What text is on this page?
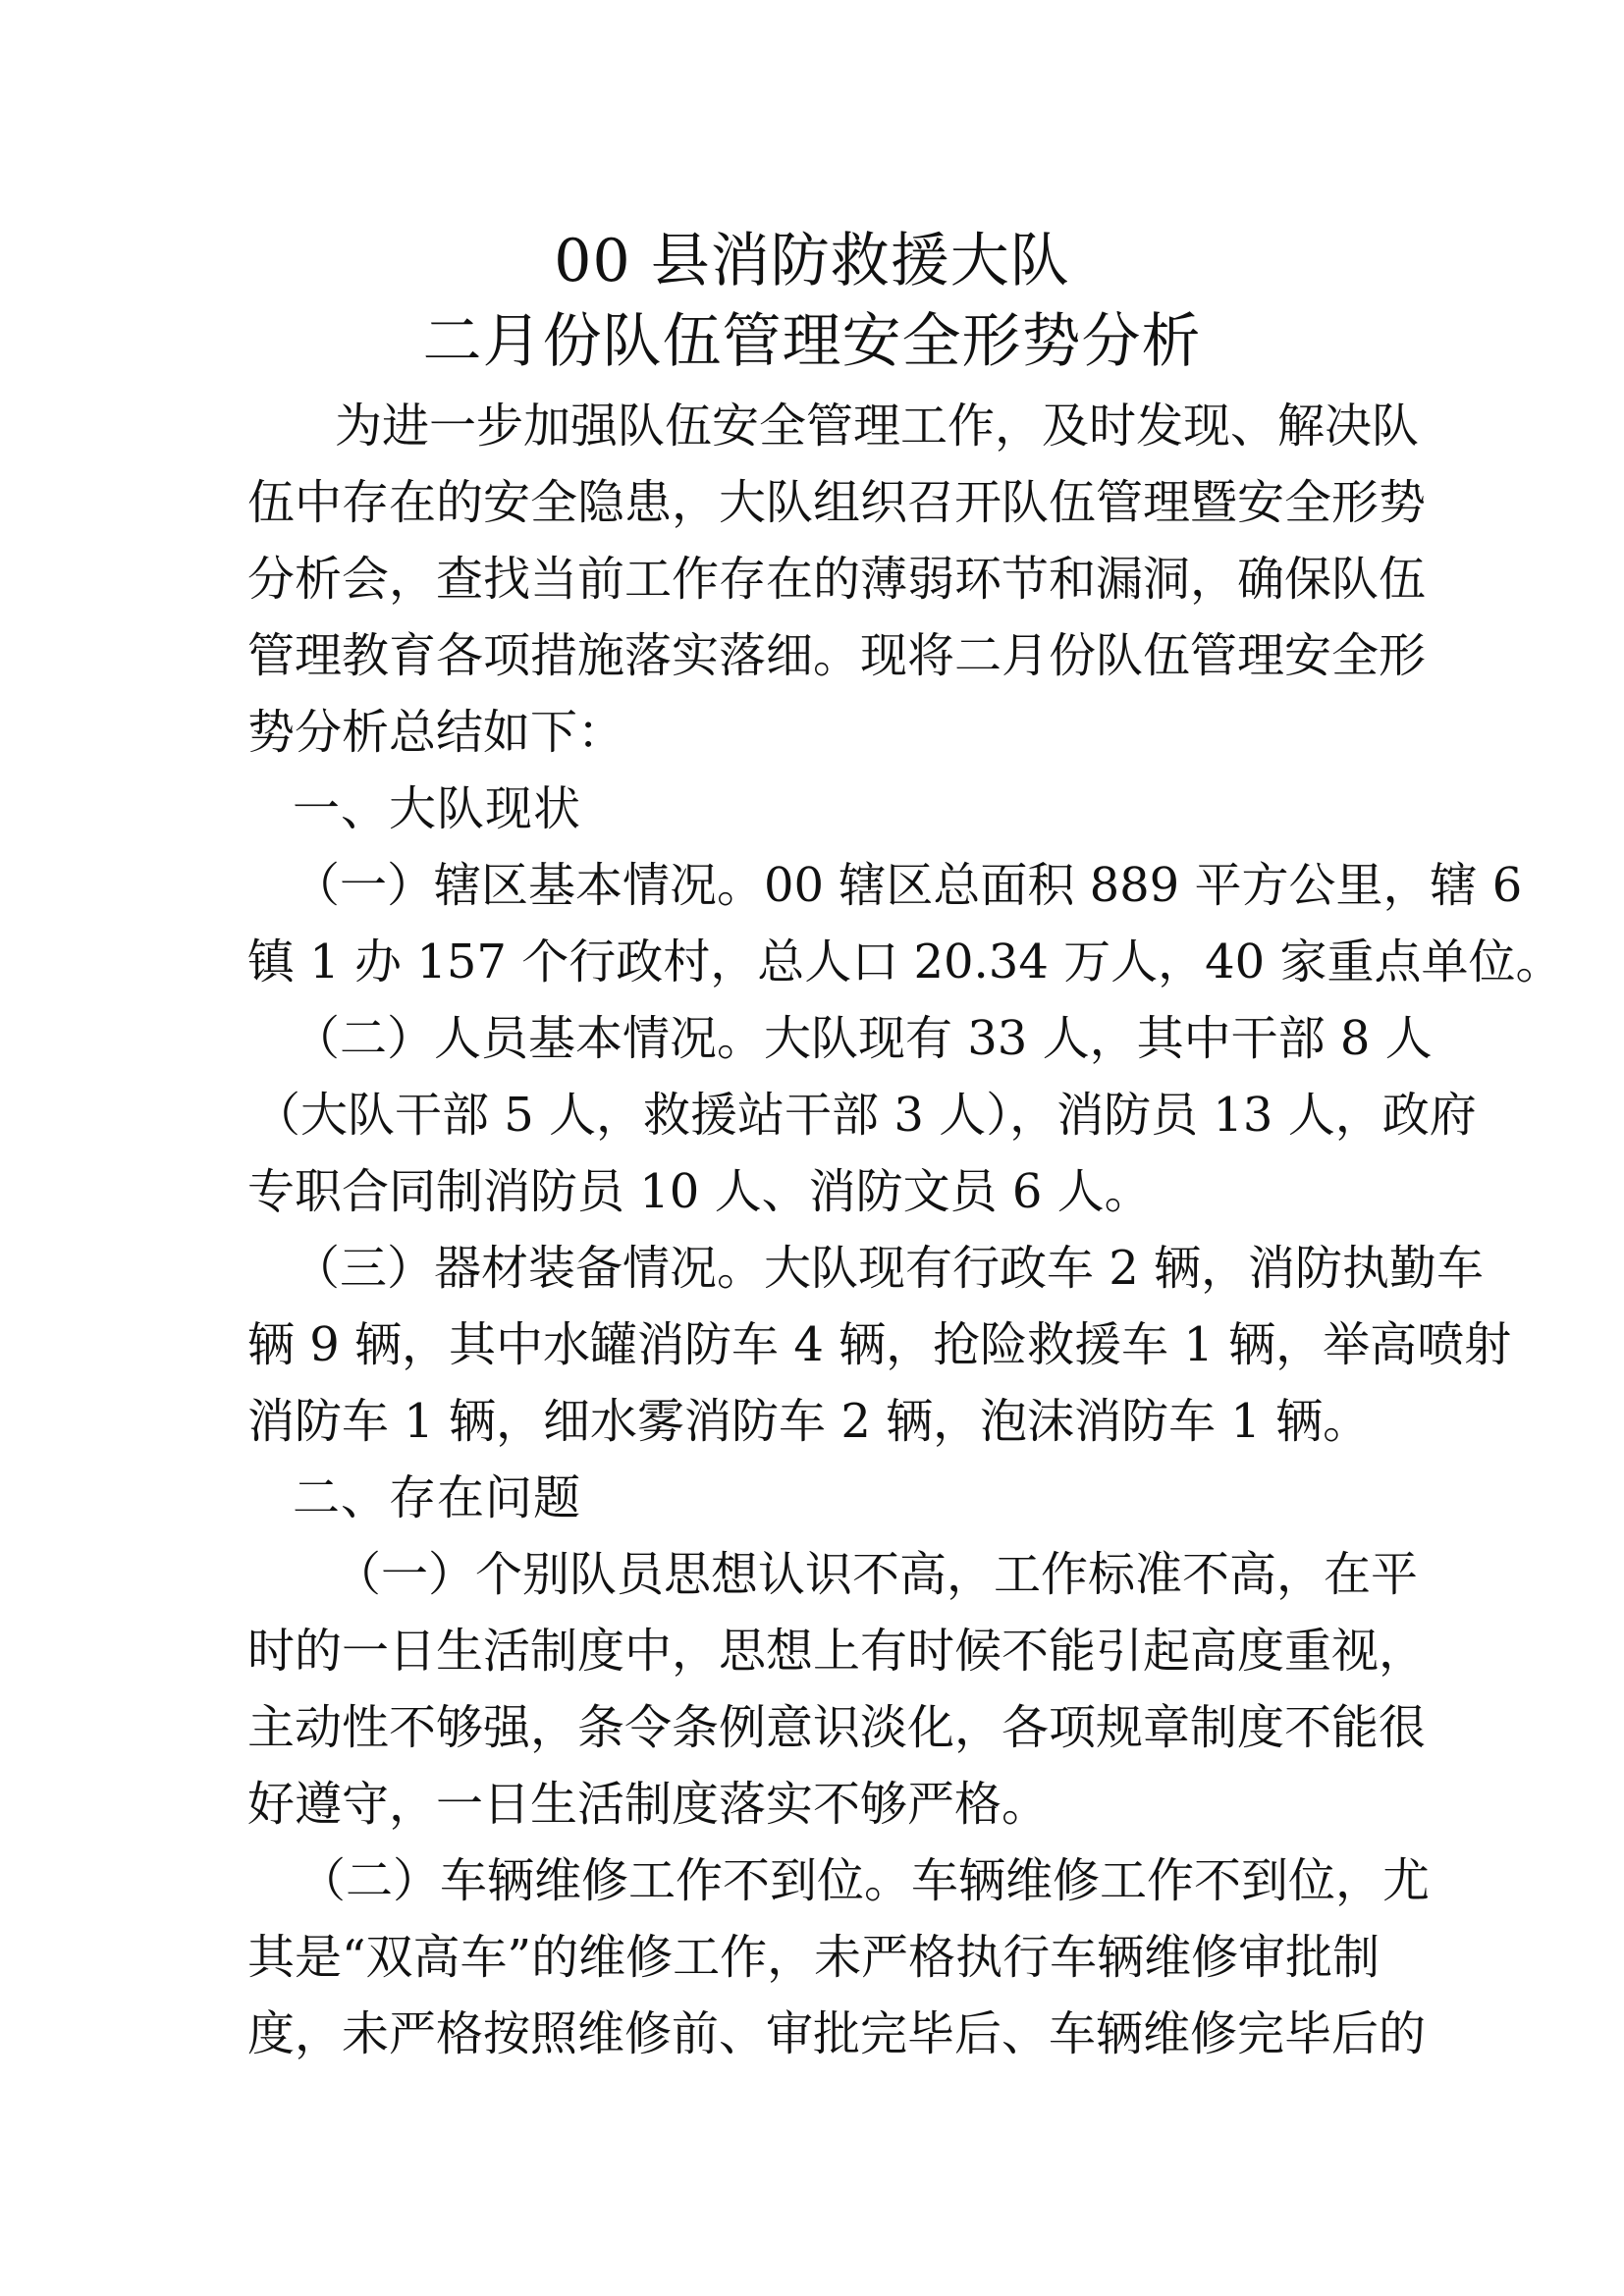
00 县消防救援大队
二月份队伍管理安全形势分析
为进一步加强队伍安全管理工作，及时发现、解决队
伍中存在的安全隐患，大队组织召开队伍管理暨安全形势
分析会，查找当前工作存在的薄弱环节和漏洞，确保队伍
管理教育各项措施落实落细。现将二月份队伍管理安全形
势分析总结如下：
一、大队现状
（一）辖区基本情况。00 辖区总面积 889 平方公里，辖 6
镇 1 办 157 个行政村，总人口 20.34 万人，40 家重点单位。
（二）人员基本情况。大队现有 33 人，其中干部 8 人
（大队干部 5 人，救援站干部 3 人），消防员 13 人，政府
专职合同制消防员 10 人、消防文员 6 人。
（三）器材装备情况。大队现有行政车 2 辆，消防执勤车
辆 9 辆，其中水罐消防车 4 辆，抢险救援车 1 辆，举高喷射
消防车 1 辆，细水雾消防车 2 辆，泡沫消防车 1 辆。
二、存在问题
（一）个别队员思想认识不高，工作标准不高，在平
时的一日生活制度中，思想上有时候不能引起高度重视，
主动性不够强，条令条例意识淡化，各项规章制度不能很
好遵守，一日生活制度落实不够严格。
（二）车辆维修工作不到位。车辆维修工作不到位，尤
其是“双高车”的维修工作，未严格执行车辆维修审批制
度，未严格按照维修前、审批完毕后、车辆维修完毕后的
